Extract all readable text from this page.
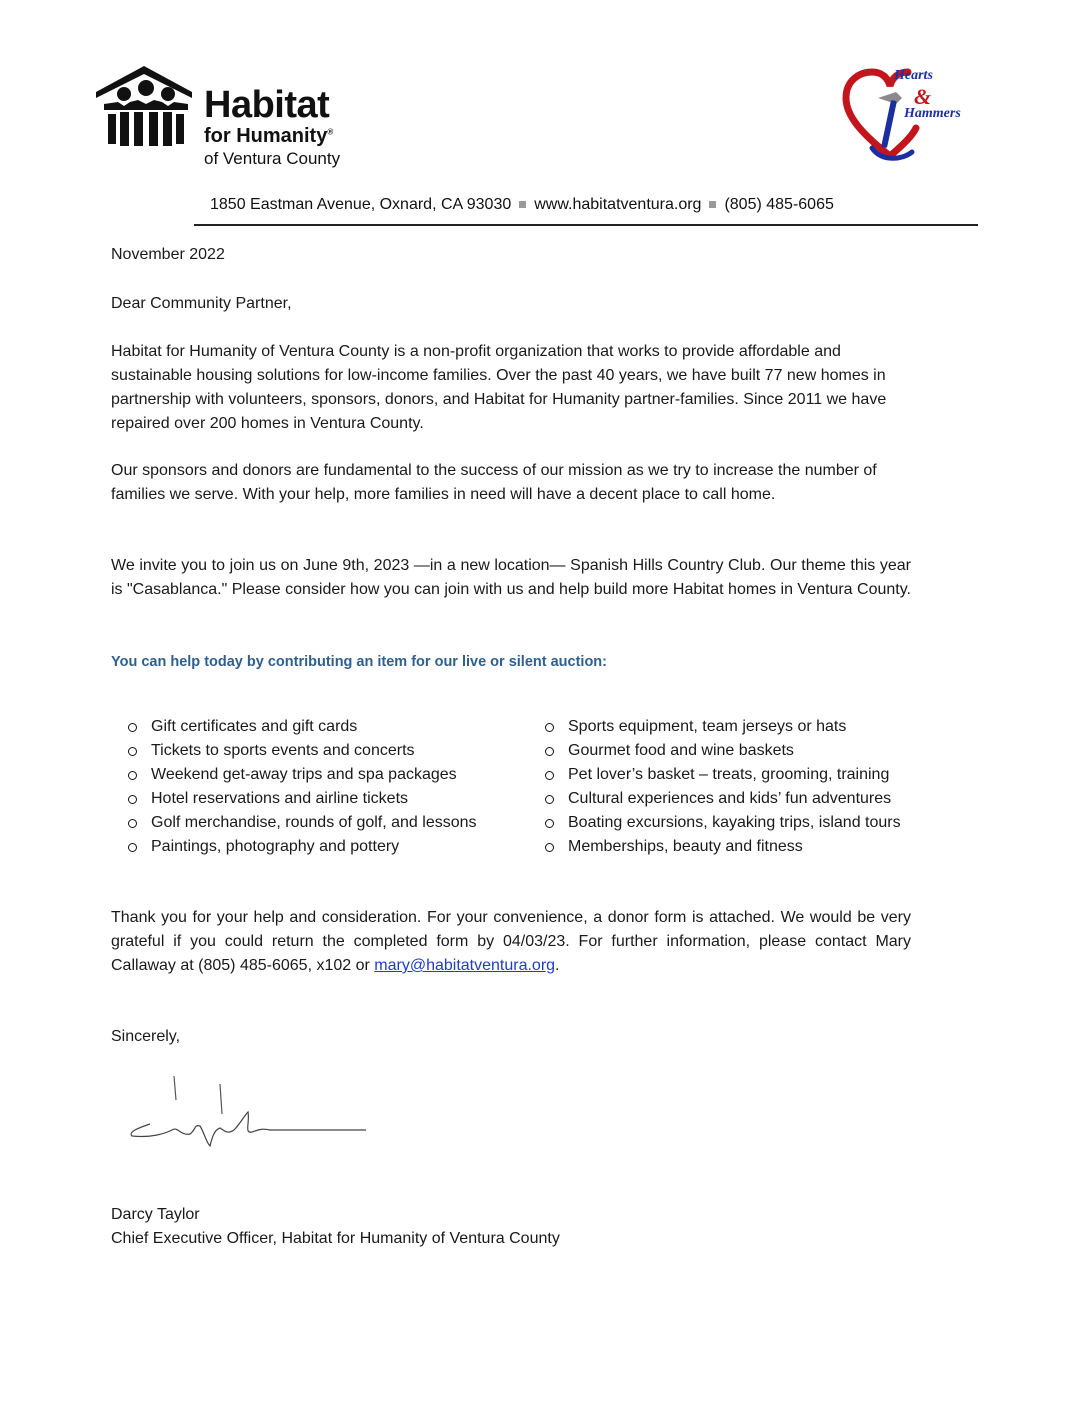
Habitat
for Humanity®
of Ventura County
Hearts
&
Hammers
1850 Eastman Avenue, Oxnard, CA 93030 www.habitatventura.org (805) 485-6065

November 2022

Dear Community Partner,

Habitat for Humanity of Ventura County is a non-profit organization that works to provide affordable and sustainable housing solutions for low-income families. Over the past 40 years, we have built 77 new homes in partnership with volunteers, sponsors, donors, and Habitat for Humanity partner-families. Since 2011 we have repaired over 200 homes in Ventura County.

Our sponsors and donors are fundamental to the success of our mission as we try to increase the number of families we serve. With your help, more families in need will have a decent place to call home.

We invite you to join us on June 9th, 2023 —in a new location— Spanish Hills Country Club. Our theme this year is "Casablanca." Please consider how you can join with us and help build more Habitat homes in Ventura County.

You can help today by contributing an item for our live or silent auction:

Gift certificates and gift cards
Tickets to sports events and concerts
Weekend get-away trips and spa packages
Hotel reservations and airline tickets
Golf merchandise, rounds of golf, and lessons
Paintings, photography and pottery
Sports equipment, team jerseys or hats
Gourmet food and wine baskets
Pet lover’s basket – treats, grooming, training
Cultural experiences and kids’ fun adventures
Boating excursions, kayaking trips, island tours
Memberships, beauty and fitness

Thank you for your help and consideration. For your convenience, a donor form is attached. We would be very grateful if you could return the completed form by 04/03/23. For further information, please contact Mary Callaway at (805) 485-6065, x102 or mary@habitatventura.org.

Sincerely,

Darcy Taylor

Chief Executive Officer, Habitat for Humanity of Ventura County
